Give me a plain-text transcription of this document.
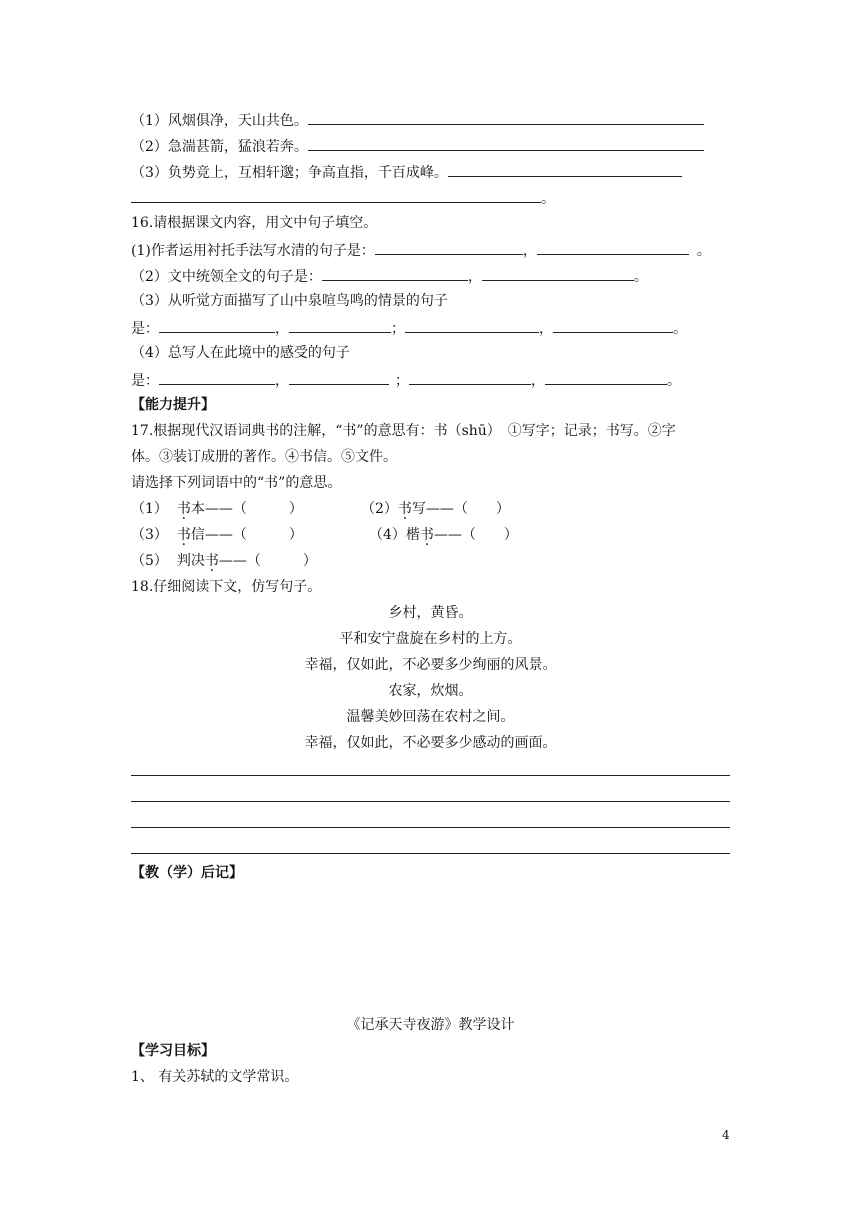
（1）风烟俱净，天山共色。
（2）急湍甚箭，猛浪若奔。
（3）负势竞上，互相轩邈；争高直指，千百成峰。
。
16.请根据课文内容，用文中句子填空。
(1)作者运用衬托手法写水清的句子是：	，	。
（2）文中统领全文的句子是：	，	。
（3）从听觉方面描写了山中泉喧鸟鸣的情景的句子
是：	，	；	，	。
（4）总写人在此境中的感受的句子
是：	，	；	，	。
【能力提升】
17.根据现代汉语词典书的注解，“书”的意思有：书（shū）　①写字；记录；书写。②字
体。③装订成册的著作。④书信。⑤文件。
请选择下列词语中的“书”的意思。
（1） 书本——（　　　）	（2）书写——（　　）
（3） 书信——（　　　）	（4）楷书——（　　）
（5） 判决书——（　　　）
18.仔细阅读下文，仿写句子。
乡村，黄昏。
平和安宁盘旋在乡村的上方。
幸福，仅如此，不必要多少绚丽的风景。
农家，炊烟。
温馨美妙回荡在农村之间。
幸福，仅如此，不必要多少感动的画面。
【教（学）后记】
《记承天寺夜游》教学设计
【学习目标】
1、 有关苏轼的文学常识。
4
